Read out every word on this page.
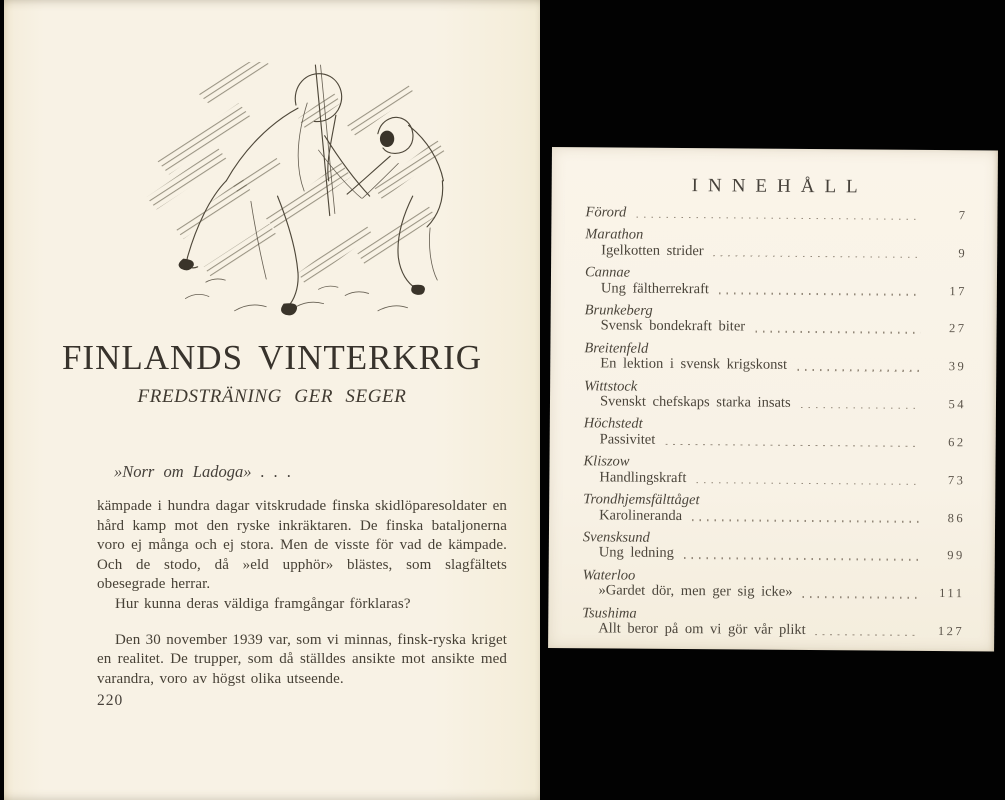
FINLANDS VINTERKRIG
FREDSTRÄNING GER SEGER

»Norr om Ladoga» . . .

kämpade i hundra dagar vitskrudade finska skidlöparesoldater en hård kamp mot den ryske inkräktaren. De finska bataljonerna voro ej många och ej stora. Men de visste för vad de kämpade. Och de stodo, då »eld upphör» blästes, som slagfältets obesegrade herrar.

Hur kunna deras väldiga framgångar förklaras?

Den 30 november 1939 var, som vi minnas, finsk-ryska kriget en realitet. De trupper, som då ställdes ansikte mot ansikte med varandra, voro av högst olika utseende.

220
INNEHÅLL
Förord	7
Marathon
Igelkotten strider	9
Cannae
Ung fältherrekraft	17
Brunkeberg
Svensk bondekraft biter	27
Breitenfeld
En lektion i svensk krigskonst	39
Wittstock
Svenskt chefskaps starka insats	54
Höchstedt
Passivitet	62
Kliszow
Handlingskraft	73
Trondhjemsfälttåget
Karolineranda	86
Svensksund
Ung ledning	99
Waterloo
»Gardet dör, men ger sig icke»	111
Tsushima
Allt beror på om vi gör vår plikt	127
